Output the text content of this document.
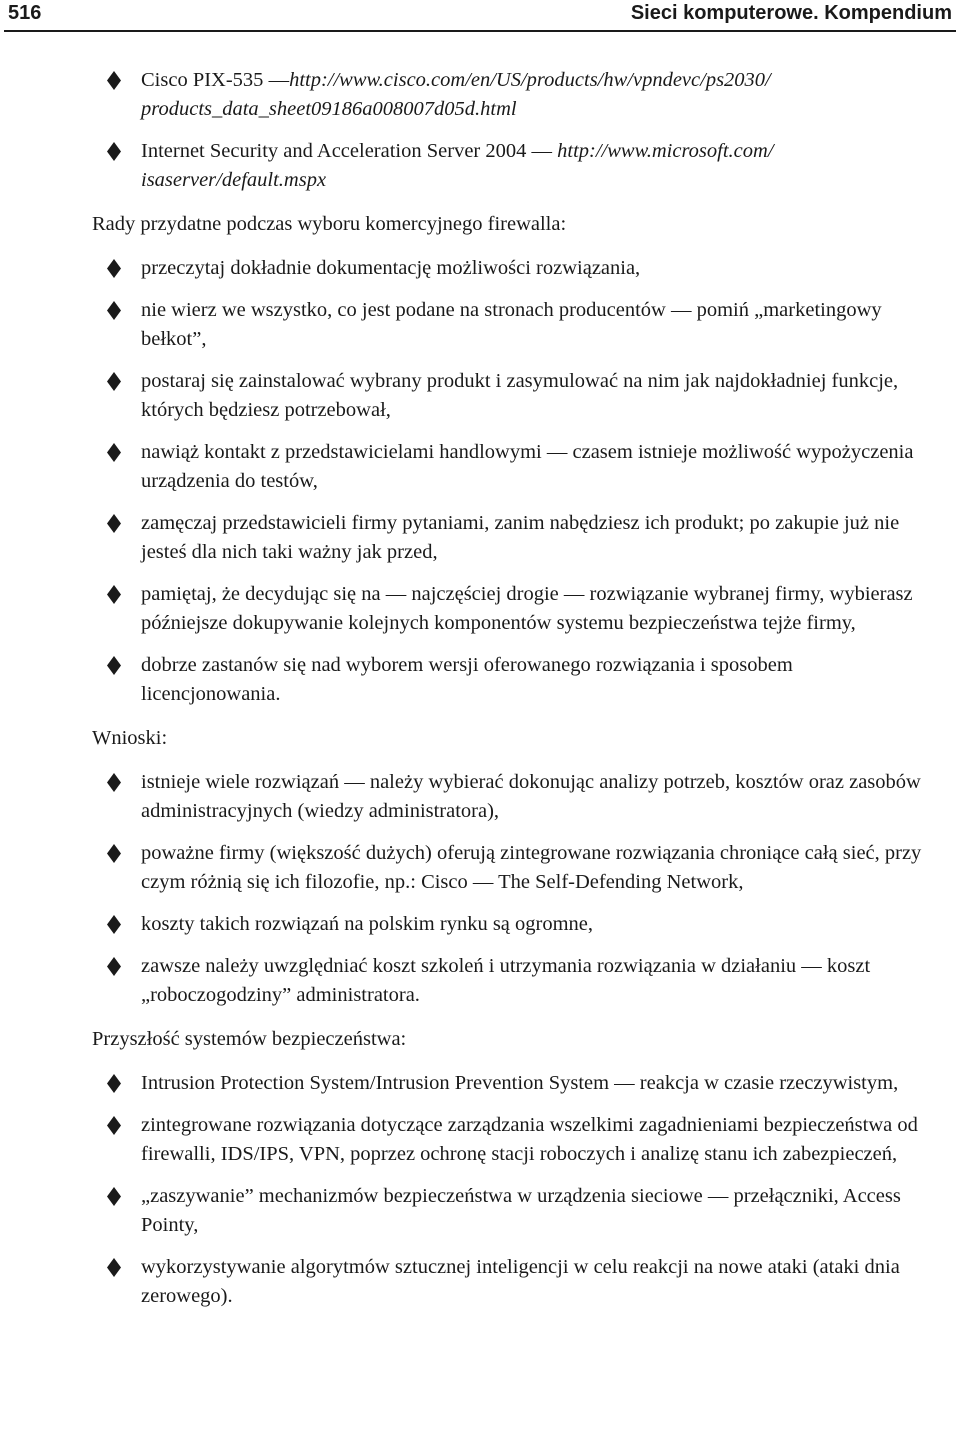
516	Sieci komputerowe. Kompendium
Cisco PIX-535 —http://www.cisco.com/en/US/products/hw/vpndevc/ps2030/ products_data_sheet09186a008007d05d.html
Internet Security and Acceleration Server 2004 — http://www.microsoft.com/ isaserver/default.mspx
Rady przydatne podczas wyboru komercyjnego firewalla:
przeczytaj dokładnie dokumentację możliwości rozwiązania,
nie wierz we wszystko, co jest podane na stronach producentów — pomiń „marketingowy bełkot”,
postaraj się zainstalować wybrany produkt i zasymulować na nim jak najdokładniej funkcje, których będziesz potrzebował,
nawiąż kontakt z przedstawicielami handlowymi — czasem istnieje możliwość wypożyczenia urządzenia do testów,
zamęczaj przedstawicieli firmy pytaniami, zanim nabędziesz ich produkt; po zakupie już nie jesteś dla nich taki ważny jak przed,
pamiętaj, że decydując się na — najczęściej drogie — rozwiązanie wybranej firmy, wybierasz późniejsze dokupywanie kolejnych komponentów systemu bezpieczeństwa tejże firmy,
dobrze zastanów się nad wyborem wersji oferowanego rozwiązania i sposobem licencjonowania.
Wnioski:
istnieje wiele rozwiązań — należy wybierać dokonując analizy potrzeb, kosztów oraz zasobów administracyjnych (wiedzy administratora),
poważne firmy (większość dużych) oferują zintegrowane rozwiązania chroniące całą sieć, przy czym różnią się ich filozofie, np.: Cisco — The Self-Defending Network,
koszty takich rozwiązań na polskim rynku są ogromne,
zawsze należy uwzględniać koszt szkoleń i utrzymania rozwiązania w działaniu — koszt „roboczogodziny” administratora.
Przyszłość systemów bezpieczeństwa:
Intrusion Protection System/Intrusion Prevention System — reakcja w czasie rzeczywistym,
zintegrowane rozwiązania dotyczące zarządzania wszelkimi zagadnieniami bezpieczeństwa od firewalli, IDS/IPS, VPN, poprzez ochronę stacji roboczych i analizę stanu ich zabezpieczeń,
„zaszywanie” mechanizmów bezpieczeństwa w urządzenia sieciowe — przełączniki, Access Pointy,
wykorzystywanie algorytmów sztucznej inteligencji w celu reakcji na nowe ataki (ataki dnia zerowego).
